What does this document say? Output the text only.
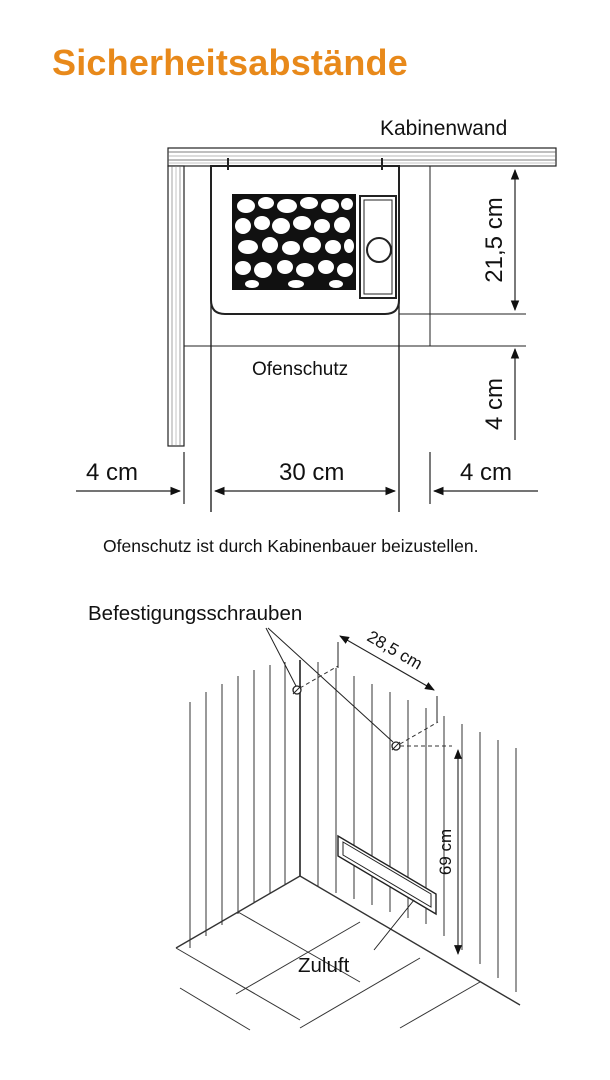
Sicherheitsabstände
Kabinenwand
Ofenschutz
21,5 cm
4 cm
4 cm	30 cm	4 cm
Ofenschutz ist durch Kabinenbauer beizustellen.
Befestigungsschrauben
28,5 cm
69 cm
Zuluft
